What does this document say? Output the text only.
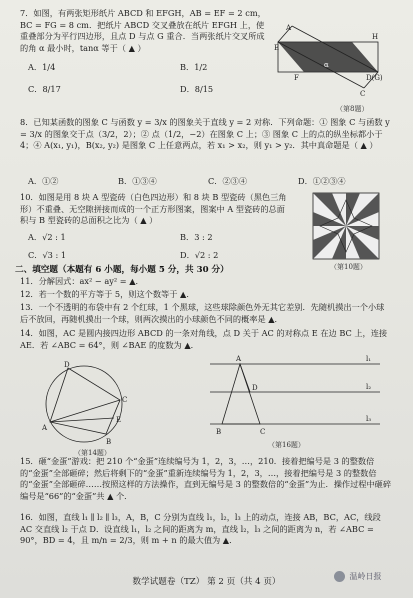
7．如图，有两张矩形纸片 ABCD 和 EFGH，AB = EF = 2 cm，BC = FG = 8 cm．把纸片 ABCD 交叉叠放在纸片 EFGH 上，使重叠部分为平行四边形，且点 D 与点 G 重合．当两张纸片交叉所成的角 α 最小时，tanα 等于（ ▲ ）
A．1/4	B．1/2
C．8/17	D．8/15
A
E
H
F	D(G)
C
α
（第8题）
8．已知某函数的图象 C 与函数 y = 3/x 的图象关于直线 y = 2 对称．下列命题：① 图象 C 与函数 y = 3/x 的图象交于点（3/2，2）；② 点（1/2，−2）在图象 C 上；③ 图象 C 上的点的纵坐标都小于 4；④ A(x₁, y₁)，B(x₂, y₂) 是图象 C 上任意两点，若 x₁ > x₂，则 y₁ > y₂．其中真命题是（ ▲ ）
A．①②	B．①③④	C．②③④	D．①②③④
10．如图是用 8 块 A 型瓷砖（白色四边形）和 8 块 B 型瓷砖（黑色三角形）不重叠、无空隙拼接而成的一个正方形图案，图案中 A 型瓷砖的总面积与 B 型瓷砖的总面积之比为（ ▲ ）
A．√2 : 1	B．3 : 2
C．√3 : 1	D．√2 : 2
（第10题）
二、填空题（本题有 6 小题，每小题 5 分，共 30 分）
11．分解因式：ax² − ay² = ▲．
12．若一个数的平方等于 5，则这个数等于 ▲．
13．一个不透明的布袋中有 2 个红球，1 个黑球，这些球除颜色外无其它差别．先随机摸出一个小球后不放回，再随机摸出一个球，则两次摸出的小球颜色不同的概率是 ▲．
14．如图，AC 是圆内接四边形 ABCD 的一条对角线，点 D 关于 AC 的对称点 E 在边 BC 上，连接 AE．若 ∠ABC = 64°，则 ∠BAE 的度数为 ▲．
A
D
C
E
B
（第14题）
A
D
B	C
l₁
l₂
l₃
（第16题）
15．砸“金蛋”游戏：把 210 个“金蛋”连续编号为 1，2，3，…，210．接着把编号是 3 的整数倍的“金蛋”全部砸碎；然后将剩下的“金蛋”重新连续编号为 1，2，3，…，接着把编号是 3 的整数倍的“金蛋”全部砸碎……按照这样的方法操作，直到无编号是 3 的整数倍的“金蛋”为止．操作过程中砸碎编号是“66”的“金蛋”共 ▲ 个．
16．如图，直线 l₁ ∥ l₂ ∥ l₃，A，B，C 分别为直线 l₁，l₂，l₃ 上的动点，连接 AB，BC，AC，线段 AC 交直线 l₂ 于点 D．设直线 l₁，l₂ 之间的距离为 m，直线 l₂，l₃ 之间的距离为 n，若 ∠ABC = 90°，BD = 4，且 m/n = 2/3，则 m + n 的最大值为 ▲．
数学试题卷（TZ） 第 2 页（共 4 页）
温岭日报
